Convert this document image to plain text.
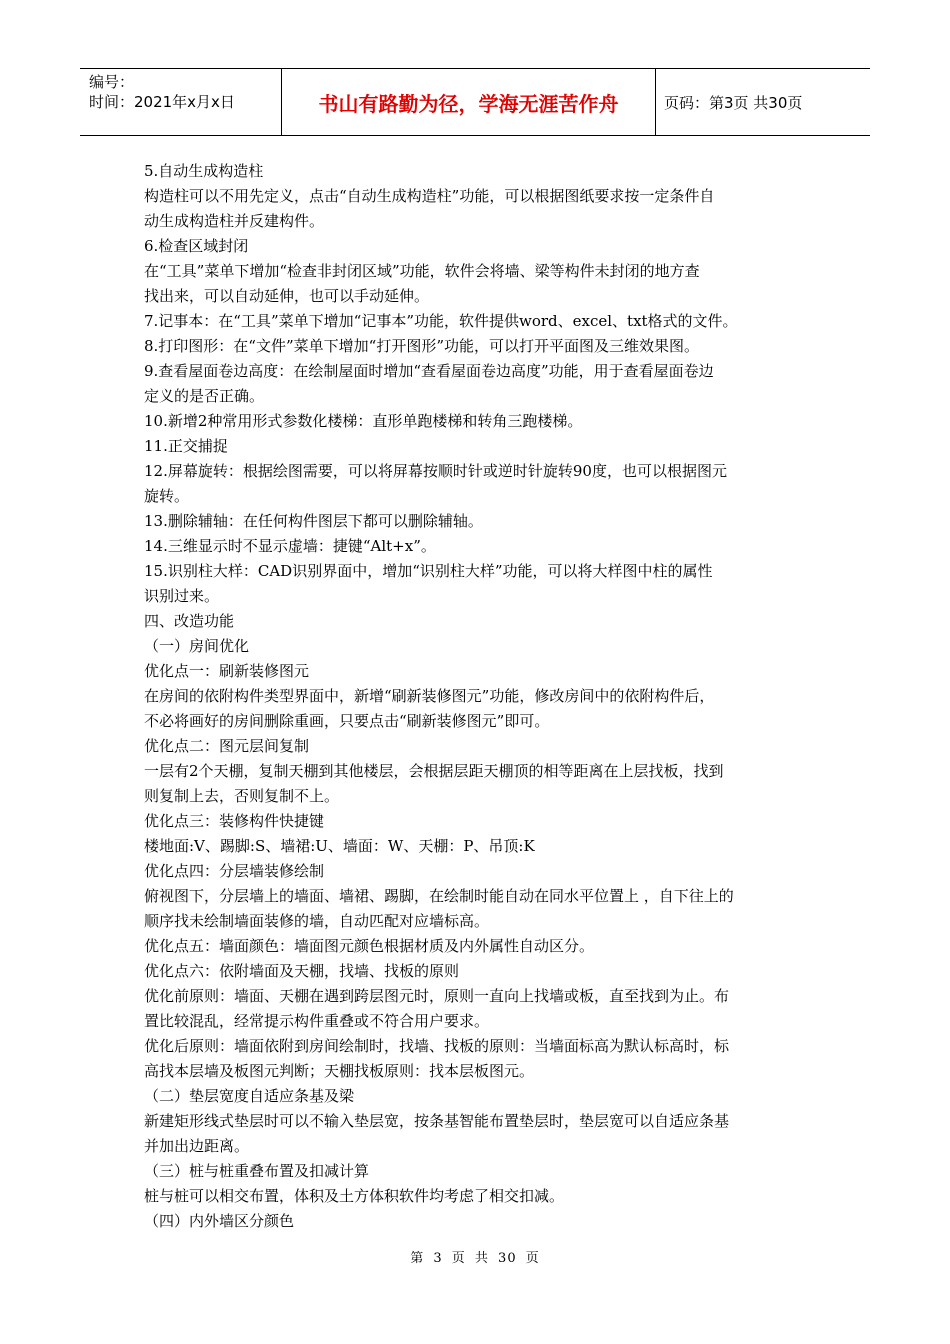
编号：
时间：2021年x月x日	书山有路勤为径，学海无涯苦作舟	页码：第3页 共30页

5.自动生成构造柱

构造柱可以不用先定义，点击“自动生成构造柱”功能，可以根据图纸要求按一定条件自

动生成构造柱并反建构件。

6.检查区域封闭

在“工具”菜单下增加“检查非封闭区域”功能，软件会将墙、梁等构件未封闭的地方查

找出来，可以自动延伸，也可以手动延伸。

7.记事本：在“工具”菜单下增加“记事本”功能，软件提供word、excel、txt格式的文件。

8.打印图形：在“文件”菜单下增加“打开图形”功能，可以打开平面图及三维效果图。

9.查看屋面卷边高度：在绘制屋面时增加“查看屋面卷边高度”功能，用于查看屋面卷边

定义的是否正确。

10.新增2种常用形式参数化楼梯：直形单跑楼梯和转角三跑楼梯。

11.正交捕捉

12.屏幕旋转：根据绘图需要，可以将屏幕按顺时针或逆时针旋转90度，也可以根据图元

旋转。

13.删除辅轴：在任何构件图层下都可以删除辅轴。

14.三维显示时不显示虚墙：捷键“Alt+x”。

15.识别柱大样：CAD识别界面中，增加“识别柱大样”功能，可以将大样图中柱的属性

识别过来。

四、改造功能

（一）房间优化

优化点一：刷新装修图元

在房间的依附构件类型界面中，新增“刷新装修图元”功能，修改房间中的依附构件后，

不必将画好的房间删除重画，只要点击“刷新装修图元”即可。

优化点二：图元层间复制

一层有2个天棚，复制天棚到其他楼层，会根据层距天棚顶的相等距离在上层找板，找到

则复制上去，否则复制不上。

优化点三：装修构件快捷键

楼地面:V、踢脚:S、墙裙:U、墙面：W、天棚：P、吊顶:K

优化点四：分层墙装修绘制

俯视图下，分层墙上的墙面、墙裙、踢脚，在绘制时能自动在同水平位置上 ，自下往上的

顺序找未绘制墙面装修的墙，自动匹配对应墙标高。

优化点五：墙面颜色：墙面图元颜色根据材质及内外属性自动区分。

优化点六：依附墙面及天棚，找墙、找板的原则

优化前原则：墙面、天棚在遇到跨层图元时，原则一直向上找墙或板，直至找到为止。布

置比较混乱，经常提示构件重叠或不符合用户要求。

优化后原则：墙面依附到房间绘制时，找墙、找板的原则：当墙面标高为默认标高时，标

高找本层墙及板图元判断；天棚找板原则：找本层板图元。

（二）垫层宽度自适应条基及梁

新建矩形线式垫层时可以不输入垫层宽，按条基智能布置垫层时，垫层宽可以自适应条基

并加出边距离。

（三）桩与桩重叠布置及扣减计算

桩与桩可以相交布置，体积及土方体积软件均考虑了相交扣减。

（四）内外墙区分颜色

第 3 页 共 30 页
